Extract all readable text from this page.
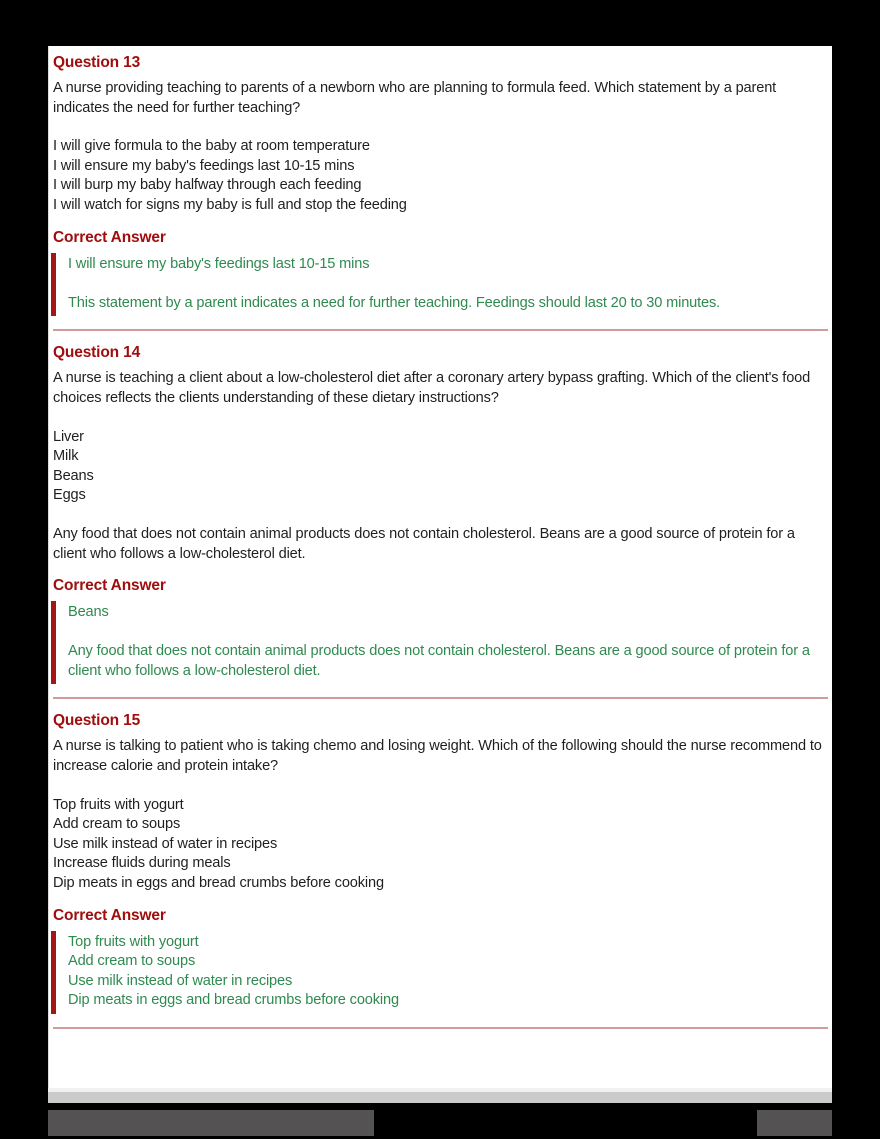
Question 13

A nurse providing teaching to parents of a newborn who are planning to formula feed. Which statement by a parent indicates the need for further teaching?

I will give formula to the baby at room temperature

I will ensure my baby's feedings last 10-15 mins

I will burp my baby halfway through each feeding

I will watch for signs my baby is full and stop the feeding

Correct Answer

I will ensure my baby's feedings last 10-15 mins

This statement by a parent indicates a need for further teaching. Feedings should last 20 to 30 minutes.

Question 14

A nurse is teaching a client about a low-cholesterol diet after a coronary artery bypass grafting. Which of the client's food choices reflects the clients understanding of these dietary instructions?

Liver

Milk

Beans

Eggs

Any food that does not contain animal products does not contain cholesterol. Beans are a good source of protein for a client who follows a low-cholesterol diet.

Correct Answer

Beans

Any food that does not contain animal products does not contain cholesterol. Beans are a good source of protein for a client who follows a low-cholesterol diet.

Question 15

A nurse is talking to patient who is taking chemo and losing weight. Which of the following should the nurse recommend to increase calorie and protein intake?

Top fruits with yogurt

Add cream to soups

Use milk instead of water in recipes

Increase fluids during meals

Dip meats in eggs and bread crumbs before cooking

Correct Answer

Top fruits with yogurt

Add cream to soups

Use milk instead of water in recipes

Dip meats in eggs and bread crumbs before cooking
